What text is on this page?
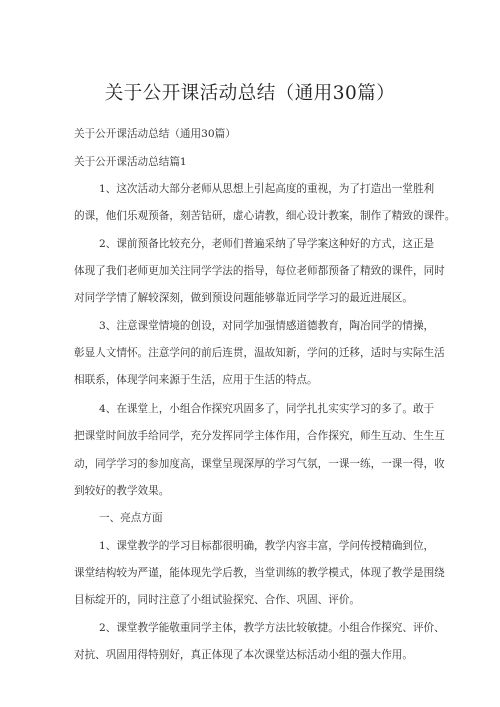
关于公开课活动总结（通用30篇）
关于公开课活动总结（通用30篇）
关于公开课活动总结篇1
1、这次活动大部分老师从思想上引起高度的重视，为了打造出一堂胜利
的课，他们乐观预备，刻苦钻研，虚心请教，细心设计教案，制作了精致的课件。
2、课前预备比较充分，老师们普遍采纳了导学案这种好的方式，这正是
体现了我们老师更加关注同学学法的指导，每位老师都预备了精致的课件，同时
对同学学情了解较深刻，做到预设问题能够靠近同学学习的最近进展区。
3、注意课堂情境的创设，对同学加强情感道德教育，陶冶同学的情操，
彰显人文情怀。注意学问的前后连贯，温故知新，学问的迁移，适时与实际生活
相联系，体现学问来源于生活，应用于生活的特点。
4、在课堂上，小组合作探究巩固多了，同学扎扎实实学习的多了。敢于
把课堂时间放手给同学，充分发挥同学主体作用，合作探究，师生互动、生生互
动，同学学习的参加度高，课堂呈现深厚的学习气氛，一课一练，一课一得，收
到较好的教学效果。
一、亮点方面
1、课堂教学的学习目标都很明确，教学内容丰富，学问传授精确到位，
课堂结构较为严谨，能体现先学后教，当堂训练的教学模式，体现了教学是围绕
目标绽开的，同时注意了小组试验探究、合作、巩固、评价。
2、课堂教学能敬重同学主体，教学方法比较敏捷。小组合作探究、评价、
对抗、巩固用得特别好，真正体现了本次课堂达标活动小组的强大作用。
